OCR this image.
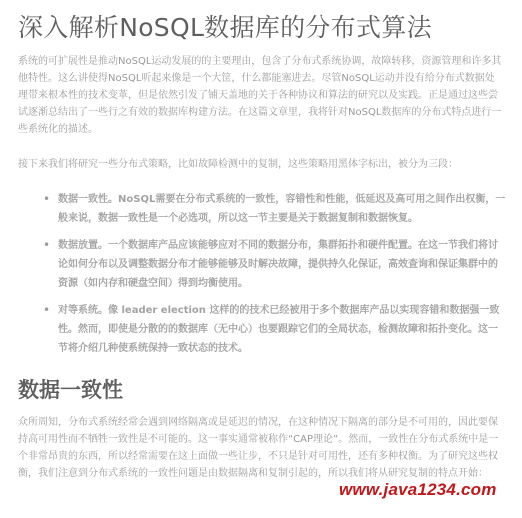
深入解析NoSQL数据库的分布式算法

系统的可扩展性是推动NoSQL运动发展的的主要理由，包含了分布式系统协调，故障转移，资源管理和许多其他特性。这么讲使得NoSQL听起来像是一个大筐，什么都能塞进去。尽管NoSQL运动并没有给分布式数据处理带来根本性的技术变革，但是依然引发了铺天盖地的关于各种协议和算法的研究以及实践。正是通过这些尝试逐渐总结出了一些行之有效的数据库构建方法。在这篇文章里，我将针对NoSQL数据库的分布式特点进行一些系统化的描述。

接下来我们将研究一些分布式策略，比如故障检测中的复制，这些策略用黑体字标出，被分为三段：

• 数据一致性。NoSQL需要在分布式系统的一致性，容错性和性能，低延迟及高可用之间作出权衡，一般来说，数据一致性是一个必选项，所以这一节主要是关于数据复制和数据恢复。
• 数据放置。一个数据库产品应该能够应对不同的数据分布，集群拓扑和硬件配置。在这一节我们将讨论如何分布以及调整数据分布才能够能够及时解决故障，提供持久化保证，高效查询和保证集群中的资源（如内存和硬盘空间）得到均衡使用。
• 对等系统。像 leader election 这样的的技术已经被用于多个数据库产品以实现容错和数据强一致性。然而，即使是分散的的数据库（无中心）也要跟踪它们的全局状态，检测故障和拓扑变化。这一节将介绍几种使系统保持一致状态的技术。
数据一致性

众所周知，分布式系统经常会遇到网络隔离或是延迟的情况，在这种情况下隔离的部分是不可用的，因此要保持高可用性而不牺牲一致性是不可能的。这一事实通常被称作“CAP理论”。然而，一致性在分布式系统中是一个非常昂贵的东西，所以经常需要在这上面做一些让步，不只是针对可用性，还有多种权衡。为了研究这些权衡，我们注意到分布式系统的一致性问题是由数据隔离和复制引起的，所以我们将从研究复制的特点开始：

www.java1234.com
